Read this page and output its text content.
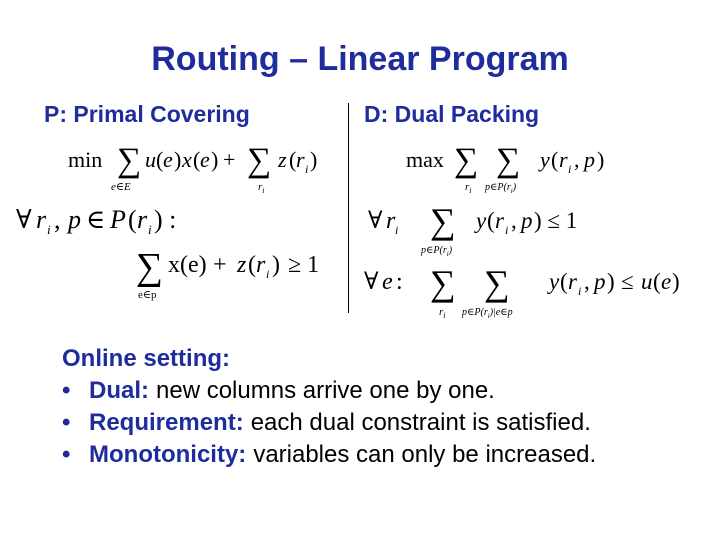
Routing – Linear Program
P: Primal Covering	D: Dual Packing
min ∑
e∈E
u ( e ) x ( e ) + ∑
$r_i$
z ( r i )
∀ r i , p ∈ P ( r i ) :
∑
e∈p
x(e) + z ( r i ) ≥ 1
max ∑
$r_i$
∑
$p\in P(r_i)$
y ( r i , p )
∀ r i ∑
$p\in P(r_i)$
y ( r i , p ) ≤ 1
∀ e : ∑
$r_i$
∑
$p\in P(r_i)|e\in p$
y ( r i , p ) ≤ u ( e )
Online setting:
• Dual: new columns arrive one by one.
• Requirement: each dual constraint is satisfied.
• Monotonicity: variables can only be increased.
